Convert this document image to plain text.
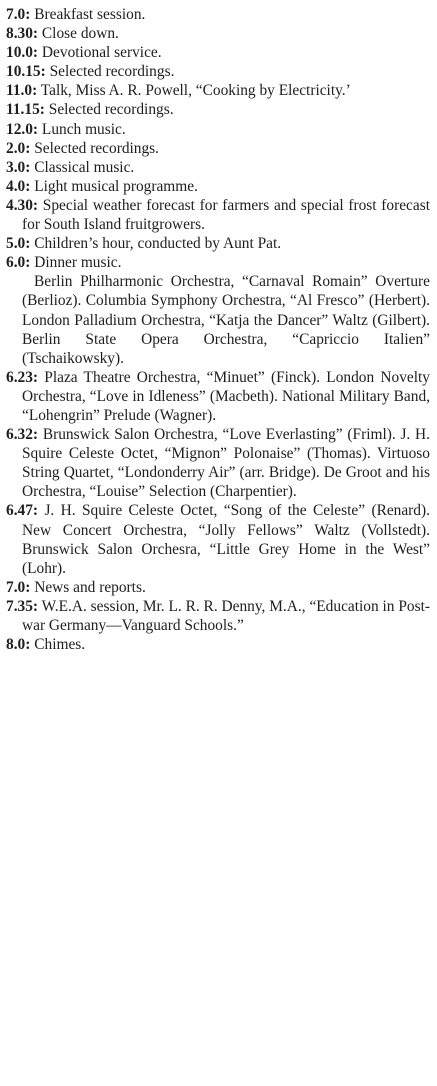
7.0: Breakfast session.

8.30: Close down.

10.0: Devotional service.

10.15: Selected recordings.

11.0: Talk, Miss A. R. Powell, “Cooking by Electricity.’

11.15: Selected recordings.

12.0: Lunch music.

2.0: Selected recordings.

3.0: Classical music.

4.0: Light musical programme.

4.30: Special weather forecast for farmers and special frost forecast for South Island fruitgrowers.

5.0: Children’s hour, conducted by Aunt Pat.

6.0: Dinner music.

Berlin Philharmonic Orchestra, “Carnaval Romain” Overture (Berlioz). Columbia Symphony Orchestra, “Al Fresco” (Herbert). London Palladium Orchestra, “Katja the Dancer” Waltz (Gilbert). Berlin State Opera Orchestra, “Capriccio Italien” (Tschaikowsky).

6.23: Plaza Theatre Orchestra, “Minuet” (Finck). London Novelty Orchestra, “Love in Idleness” (Macbeth). National Military Band, “Lohengrin” Prelude (Wagner).

6.32: Brunswick Salon Orchestra, “Love Everlasting” (Friml). J. H. Squire Celeste Octet, “Mignon” Polonaise” (Thomas). Virtuoso String Quartet, “Londonderry Air” (arr. Bridge). De Groot and his Orchestra, “Louise” Selection (Charpentier).

6.47: J. H. Squire Celeste Octet, “Song of the Celeste” (Renard). New Concert Orchestra, “Jolly Fellows” Waltz (Vollstedt). Brunswick Salon Orchesra, “Little Grey Home in the West” (Lohr).

7.0: News and reports.

7.35: W.E.A. session, Mr. L. R. R. Denny, M.A., “Education in Post-war Germany—Vanguard Schools.”

8.0: Chimes.
